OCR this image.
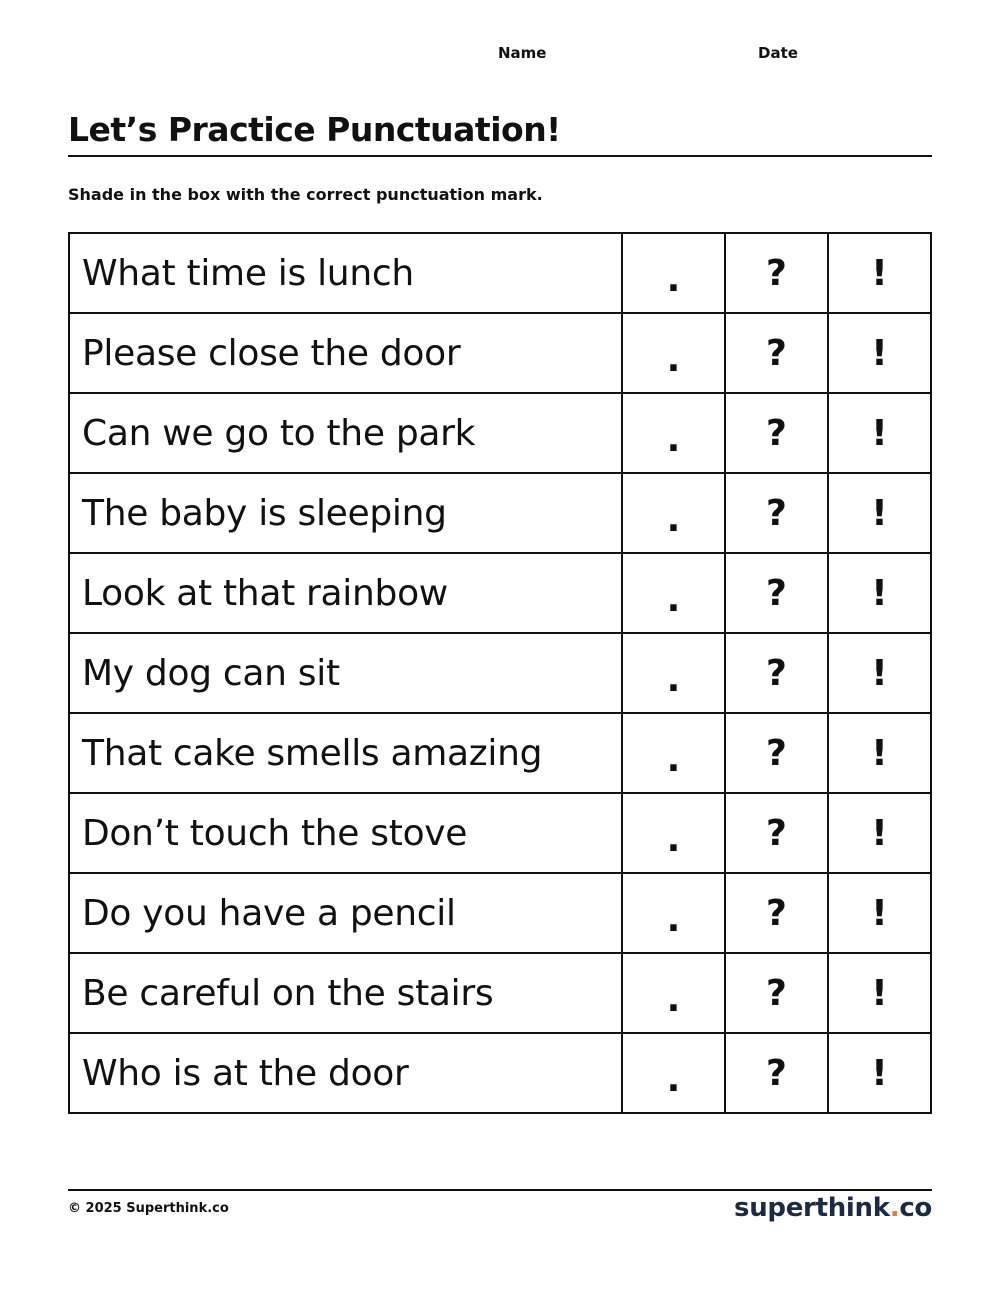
Name	Date
Let’s Practice Punctuation!
Shade in the box with the correct punctuation mark.
What time is lunch	.	?	!
Please close the door	.	?	!
Can we go to the park	.	?	!
The baby is sleeping	.	?	!
Look at that rainbow	.	?	!
My dog can sit	.	?	!
That cake smells amazing	.	?	!
Don’t touch the stove	.	?	!
Do you have a pencil	.	?	!
Be careful on the stairs	.	?	!
Who is at the door	.	?	!
© 2025 Superthink.co	superthink.co
